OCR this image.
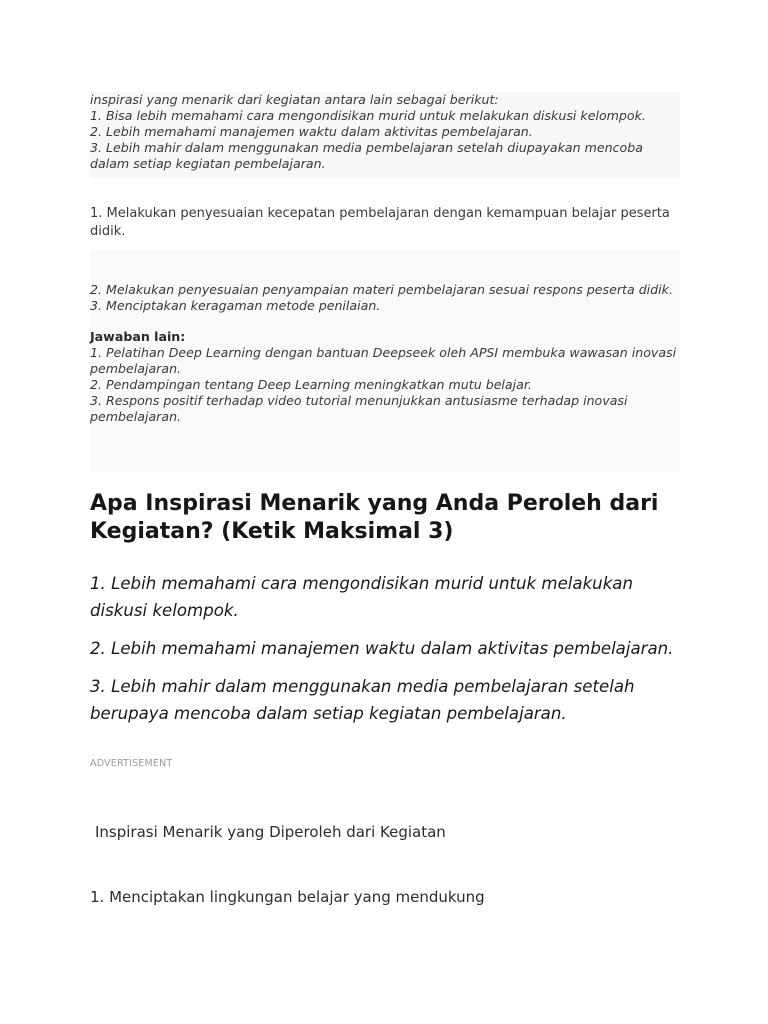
inspirasi yang menarik dari kegiatan antara lain sebagai berikut:

1. Bisa lebih memahami cara mengondisikan murid untuk melakukan diskusi kelompok.

2. Lebih memahami manajemen waktu dalam aktivitas pembelajaran.

3. Lebih mahir dalam menggunakan media pembelajaran setelah diupayakan mencoba dalam setiap kegiatan pembelajaran.

1. Melakukan penyesuaian kecepatan pembelajaran dengan kemampuan belajar peserta didik.

2. Melakukan penyesuaian penyampaian materi pembelajaran sesuai respons peserta didik.

3. Menciptakan keragaman metode penilaian.

Jawaban lain:

1. Pelatihan Deep Learning dengan bantuan Deepseek oleh APSI membuka wawasan inovasi pembelajaran.

2. Pendampingan tentang Deep Learning meningkatkan mutu belajar.

3. Respons positif terhadap video tutorial menunjukkan antusiasme terhadap inovasi pembelajaran.

Apa Inspirasi Menarik yang Anda Peroleh dari Kegiatan? (Ketik Maksimal 3)

1. Lebih memahami cara mengondisikan murid untuk melakukan diskusi kelompok.

2. Lebih memahami manajemen waktu dalam aktivitas pembelajaran.

3. Lebih mahir dalam menggunakan media pembelajaran setelah berupaya mencoba dalam setiap kegiatan pembelajaran.

ADVERTISEMENT
Inspirasi Menarik yang Diperoleh dari Kegiatan
1. Menciptakan lingkungan belajar yang mendukung
